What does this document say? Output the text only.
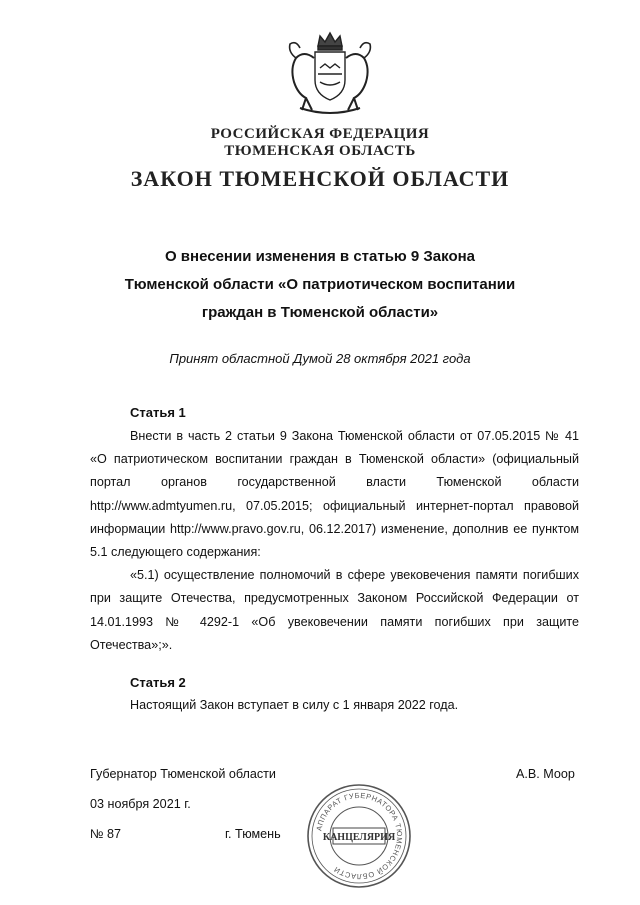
РОССИЙСКАЯ ФЕДЕРАЦИЯ
ТЮМЕНСКАЯ ОБЛАСТЬ
ЗАКОН ТЮМЕНСКОЙ ОБЛАСТИ
О внесении изменения в статью 9 Закона
Тюменской области «О патриотическом воспитании
граждан в Тюменской области»
Принят областной Думой 28 октября 2021 года
Статья 1

Внести в часть 2 статьи 9 Закона Тюменской области от 07.05.2015 № 41 «О патриотическом воспитании граждан в Тюменской области» (официальный портал органов государственной власти Тюменской области http://www.admtyumen.ru, 07.05.2015; официальный интернет-портал правовой информации http://www.pravo.gov.ru, 06.12.2017) изменение, дополнив ее пунктом 5.1 следующего содержания:

«5.1) осуществление полномочий в сфере увековечения памяти погибших при защите Отечества, предусмотренных Законом Российской Федерации от 14.01.1993 № 4292-1 «Об увековечении памяти погибших при защите Отечества»;».

Статья 2

Настоящий Закон вступает в силу с 1 января 2022 года.

Губернатор Тюменской области	А.В. Моор
03 ноября 2021 г.
№ 87	г. Тюмень	АППАРАТ ГУБЕРНАТОРА ТЮМЕНСКОЙ ОБЛАСТИ
КАНЦЕЛЯРИЯ
